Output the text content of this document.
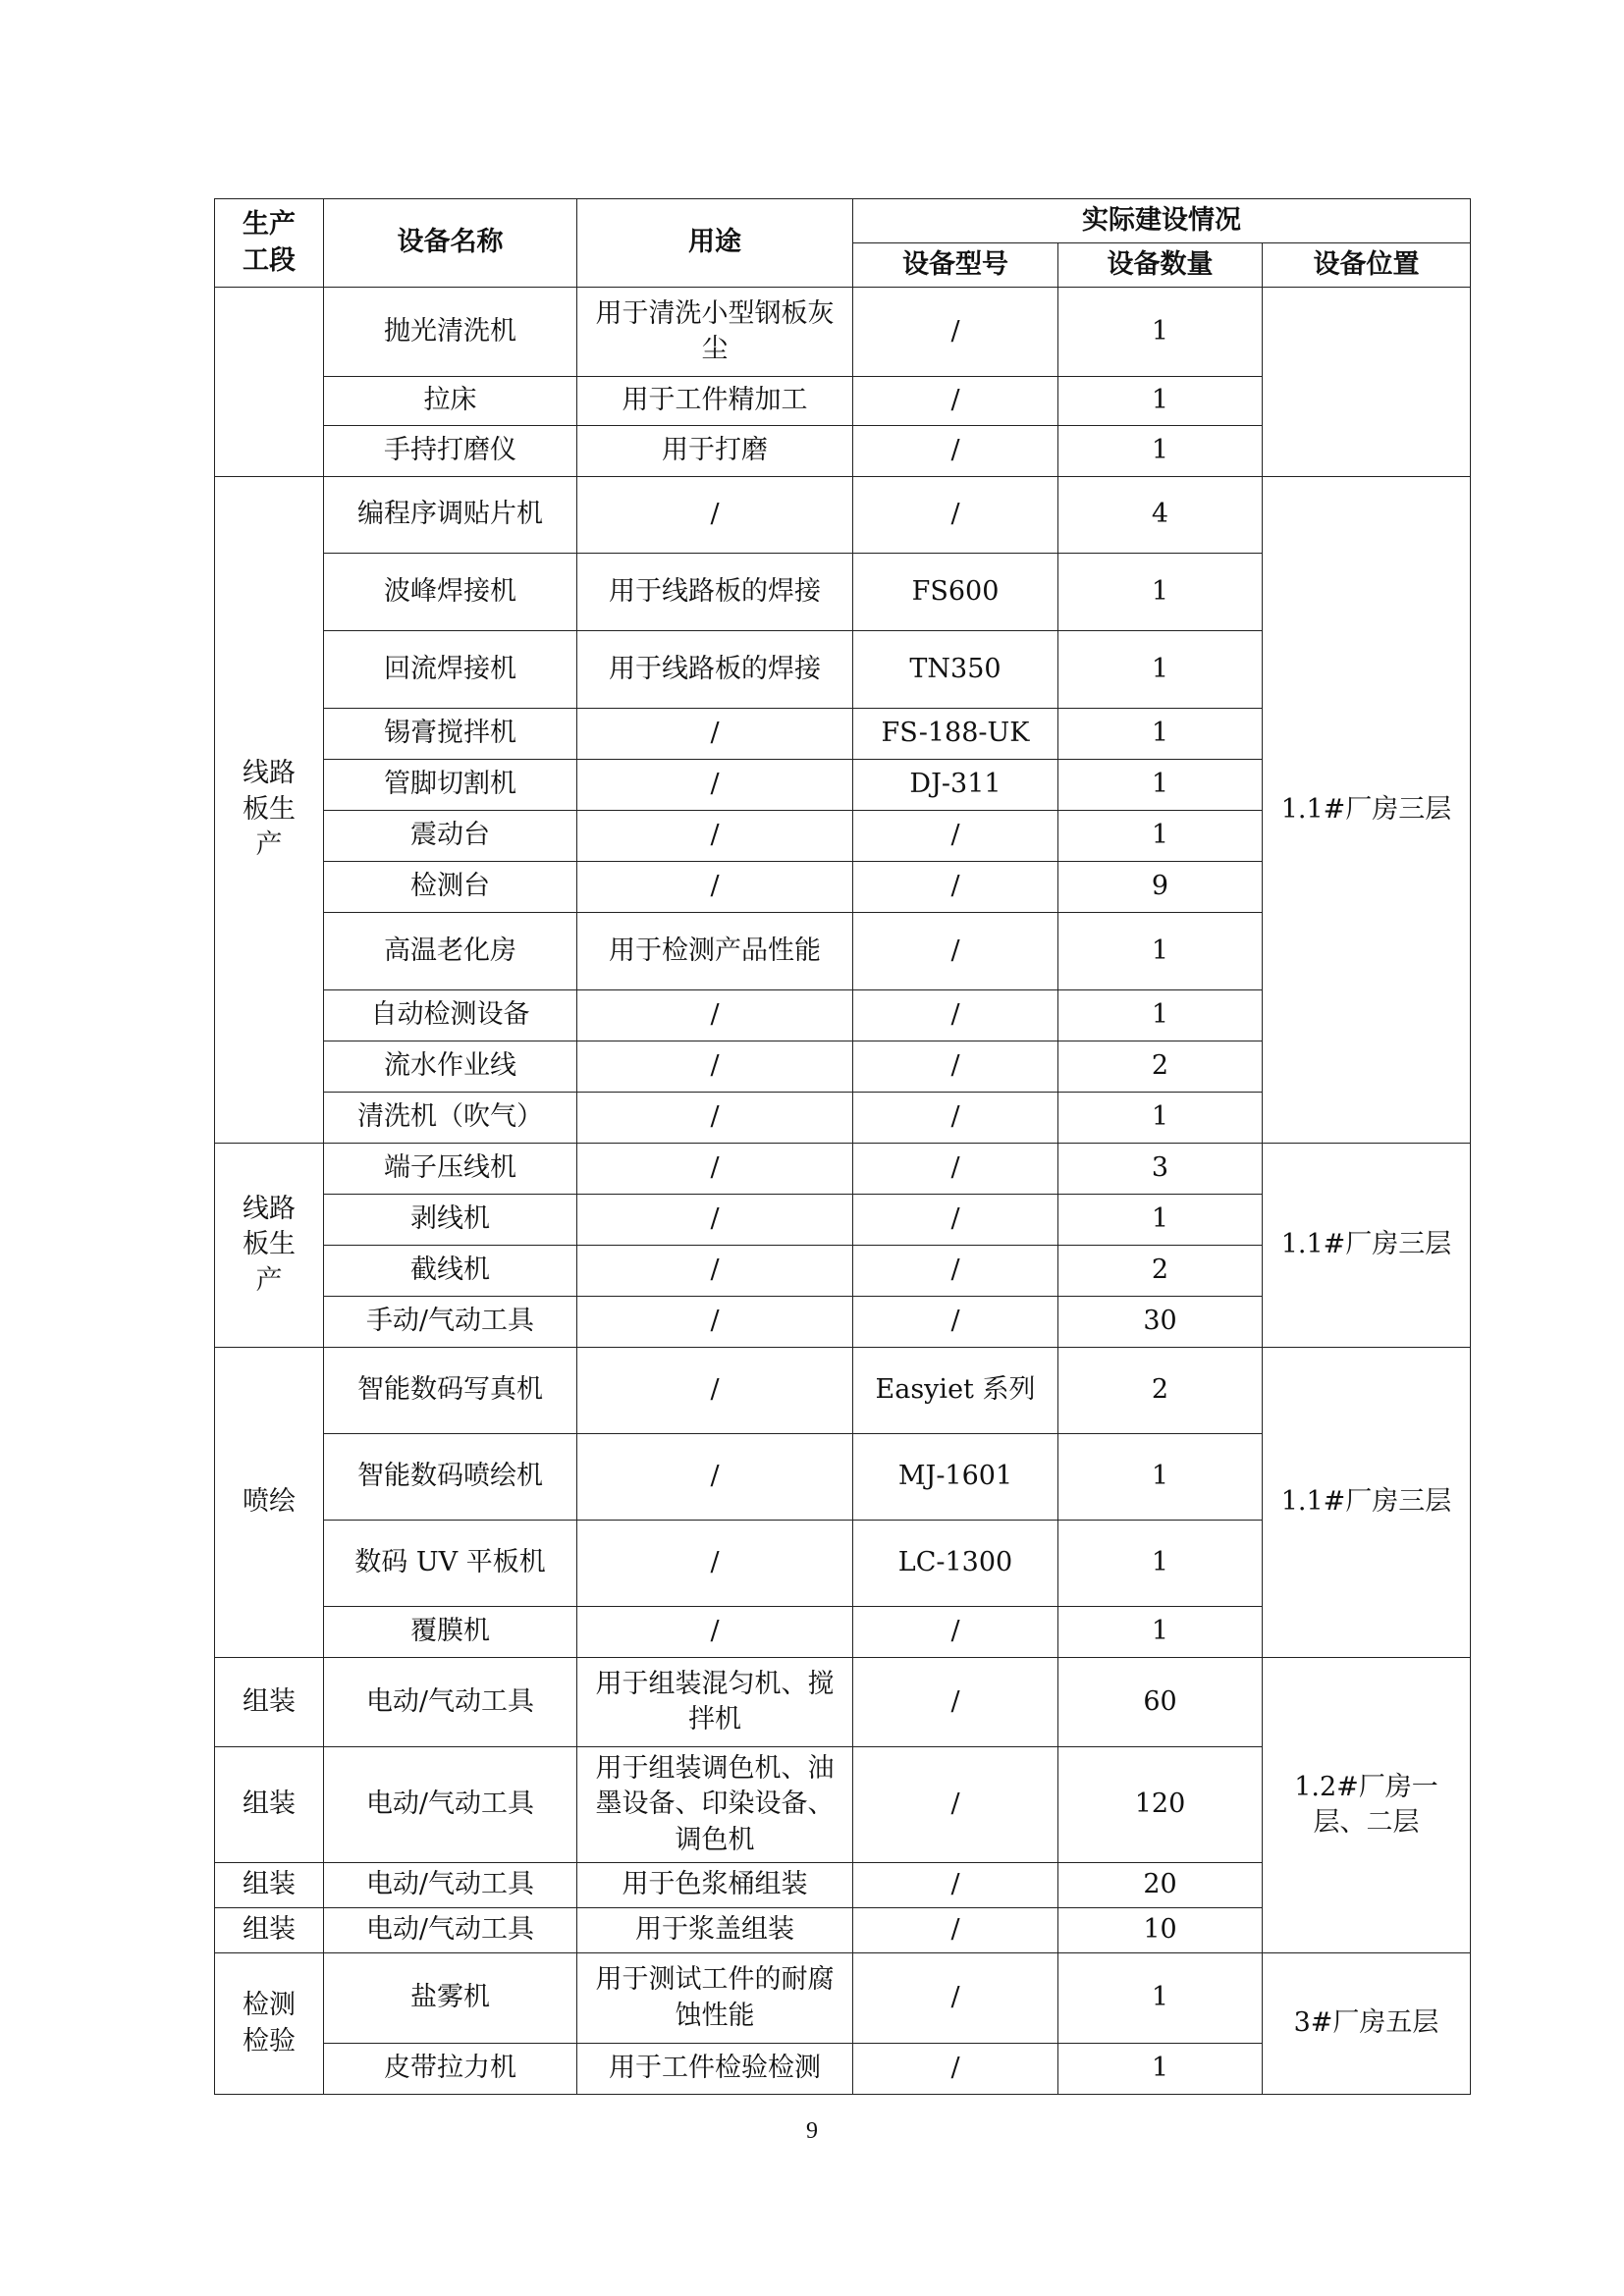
生产
工段	设备名称	用途	实际建设情况		
			设备型号	设备数量	设备位置
	抛光清洗机	用于清洗小型钢板灰尘	/	1	
	拉床	用于工件精加工	/	1	
	手持打磨仪	用于打磨	/	1	
线路
板生
产	编程序调贴片机	/	/	4	1.1#厂房三层
	波峰焊接机	用于线路板的焊接	FS600	1	
	回流焊接机	用于线路板的焊接	TN350	1	
	锡膏搅拌机	/	FS-188-UK	1	
	管脚切割机	/	DJ-311	1	
	震动台	/	/	1	
	检测台	/	/	9	
	高温老化房	用于检测产品性能	/	1	
	自动检测设备	/	/	1	
	流水作业线	/	/	2	
	清洗机（吹气）	/	/	1	
线路
板生
产	端子压线机	/	/	3	1.1#厂房三层
	剥线机	/	/	1	
	截线机	/	/	2	
	手动/气动工具	/	/	30	
喷绘	智能数码写真机	/	Easyiet 系列	2	1.1#厂房三层
	智能数码喷绘机	/	MJ-1601	1	
	数码 UV 平板机	/	LC-1300	1	
	覆膜机	/	/	1	
组装	电动/气动工具	用于组装混匀机、搅拌机	/	60	1.2#厂房一层、二层
组装	电动/气动工具	用于组装调色机、油墨设备、印染设备、调色机	/	120	
组装	电动/气动工具	用于色浆桶组装	/	20	
组装	电动/气动工具	用于浆盖组装	/	10	
检测
检验	盐雾机	用于测试工件的耐腐蚀性能	/	1	3#厂房五层
	皮带拉力机	用于工件检验检测	/	1	
9
